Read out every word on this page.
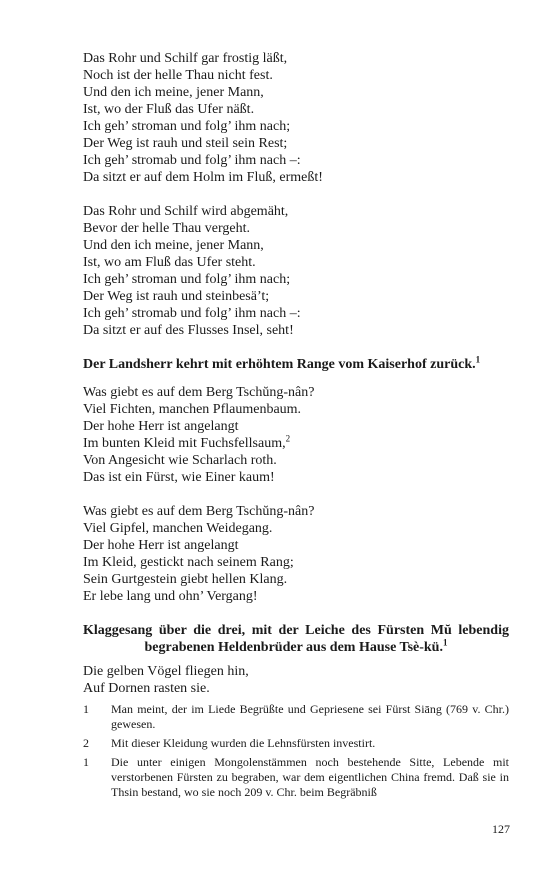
Das Rohr und Schilf gar frostig läßt,
Noch ist der helle Thau nicht fest.
Und den ich meine, jener Mann,
Ist, wo der Fluß das Ufer näßt.
Ich geh’ stroman und folg’ ihm nach;
Der Weg ist rauh und steil sein Rest;
Ich geh’ stromab und folg’ ihm nach –:
Da sitzt er auf dem Holm im Fluß, ermeßt!
Das Rohr und Schilf wird abgemäht,
Bevor der helle Thau vergeht.
Und den ich meine, jener Mann,
Ist, wo am Fluß das Ufer steht.
Ich geh’ stroman und folg’ ihm nach;
Der Weg ist rauh und steinbesä’t;
Ich geh’ stromab und folg’ ihm nach –:
Da sitzt er auf des Flusses Insel, seht!
Der Landsherr kehrt mit erhöhtem Range vom Kaiserhof zurück.$^1$
Was giebt es auf dem Berg Tschŭng-nân?
Viel Fichten, manchen Pflaumenbaum.
Der hohe Herr ist angelangt
Im bunten Kleid mit Fuchsfellsaum,$^2$
Von Angesicht wie Scharlach roth.
Das ist ein Fürst, wie Einer kaum!
Was giebt es auf dem Berg Tschŭng-nân?
Viel Gipfel, manchen Weidegang.
Der hohe Herr ist angelangt
Im Kleid, gestickt nach seinem Rang;
Sein Gurtgestein giebt hellen Klang.
Er lebe lang und ohn’ Vergang!
Klaggesang über die drei, mit der Leiche des Fürsten Mŭ lebendig
begrabenen Heldenbrüder aus dem Hause Tsè-kü.$^1$
Die gelben Vögel fliegen hin,
Auf Dornen rasten sie.
1	Man meint, der im Liede Begrüßte und Gepriesene sei Fürst Siāng (769 v. Chr.) gewesen.
2	Mit dieser Kleidung wurden die Lehnsfürsten investirt.
1	Die unter einigen Mongolenstämmen noch bestehende Sitte, Lebende mit verstorbenen Fürsten zu begraben, war dem eigentlichen China fremd. Daß sie in Thsin bestand, wo sie noch 209 v. Chr. beim Begräbniß
127
